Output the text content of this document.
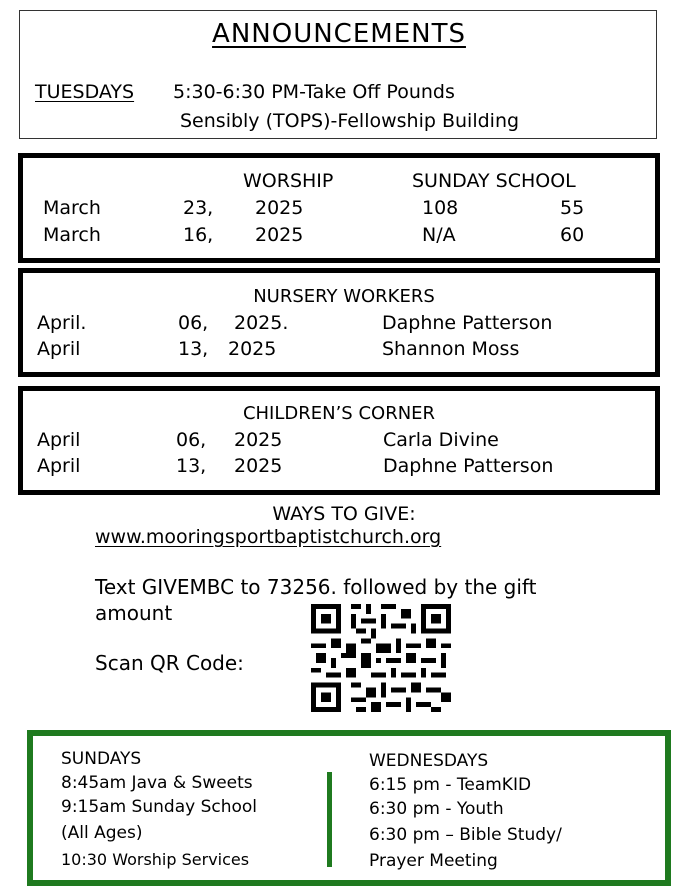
ANNOUNCEMENTS
TUESDAYS 5:30-6:30 PM-Take Off Pounds
Sensibly (TOPS)-Fellowship Building
WORSHIP	SUNDAY SCHOOL
March	23, 2025	108	55
March	16, 2025	N/A	60
NURSERY WORKERS
April.	06, 2025.	Daphne Patterson
April	13, 2025	Shannon Moss
CHILDREN’S CORNER
April	06, 2025	Carla Divine
April	13, 2025	Daphne Patterson
WAYS TO GIVE:
www.mooringsportbaptistchurch.org
Text GIVEMBC to 73256. followed by the gift
amount
Scan QR Code:
SUNDAYS
8:45am Java & Sweets
9:15am Sunday School
(All Ages)
10:30 Worship Services
WEDNESDAYS
6:15 pm - TeamKID
6:30 pm - Youth
6:30 pm – Bible Study/
Prayer Meeting
